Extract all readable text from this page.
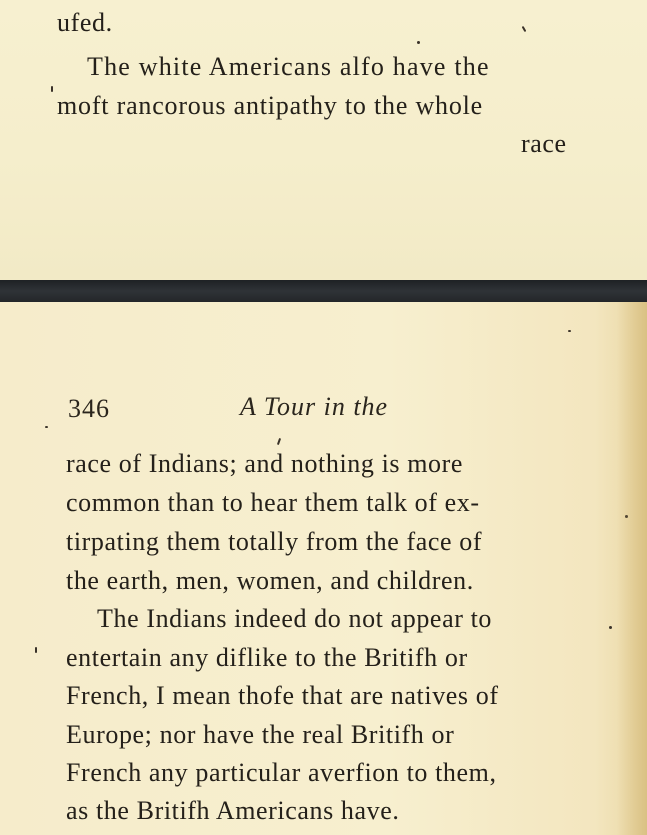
ufed.
The white Americans alfo have the
moft rancorous antipathy to the whole
race
346	A Tour in the
race of Indians; and nothing is more
common than to hear them talk of ex-
tirpating them totally from the face of
the earth, men, women, and children.
The Indians indeed do not appear to
entertain any diflike to the Britifh or
French, I mean thofe that are natives of
Europe; nor have the real Britifh or
French any particular averfion to them,
as the Britifh Americans have.
